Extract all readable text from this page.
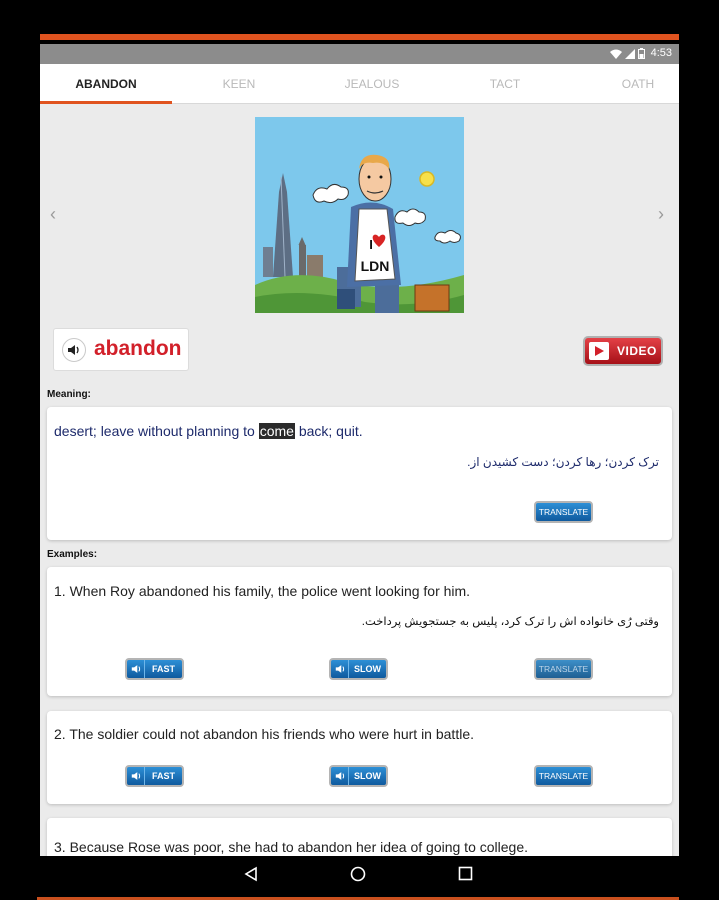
4:53
ABANDON	KEEN	JEALOUS	TACT	OATH
‹	›
I
LDN
abandon	VIDEO
Meaning:
desert; leave without planning to come back; quit.
ترک کردن؛ رها کردن؛ دست کشیدن از.
TRANSLATE
Examples:
1. When Roy abandoned his family, the police went looking for him.
وقتی رُی خانواده اش را ترک کرد، پلیس به جستجویش پرداخت.
FAST	SLOW	TRANSLATE
2. The soldier could not abandon his friends who were hurt in battle.
FAST	SLOW	TRANSLATE
3. Because Rose was poor, she had to abandon her idea of going to college.
